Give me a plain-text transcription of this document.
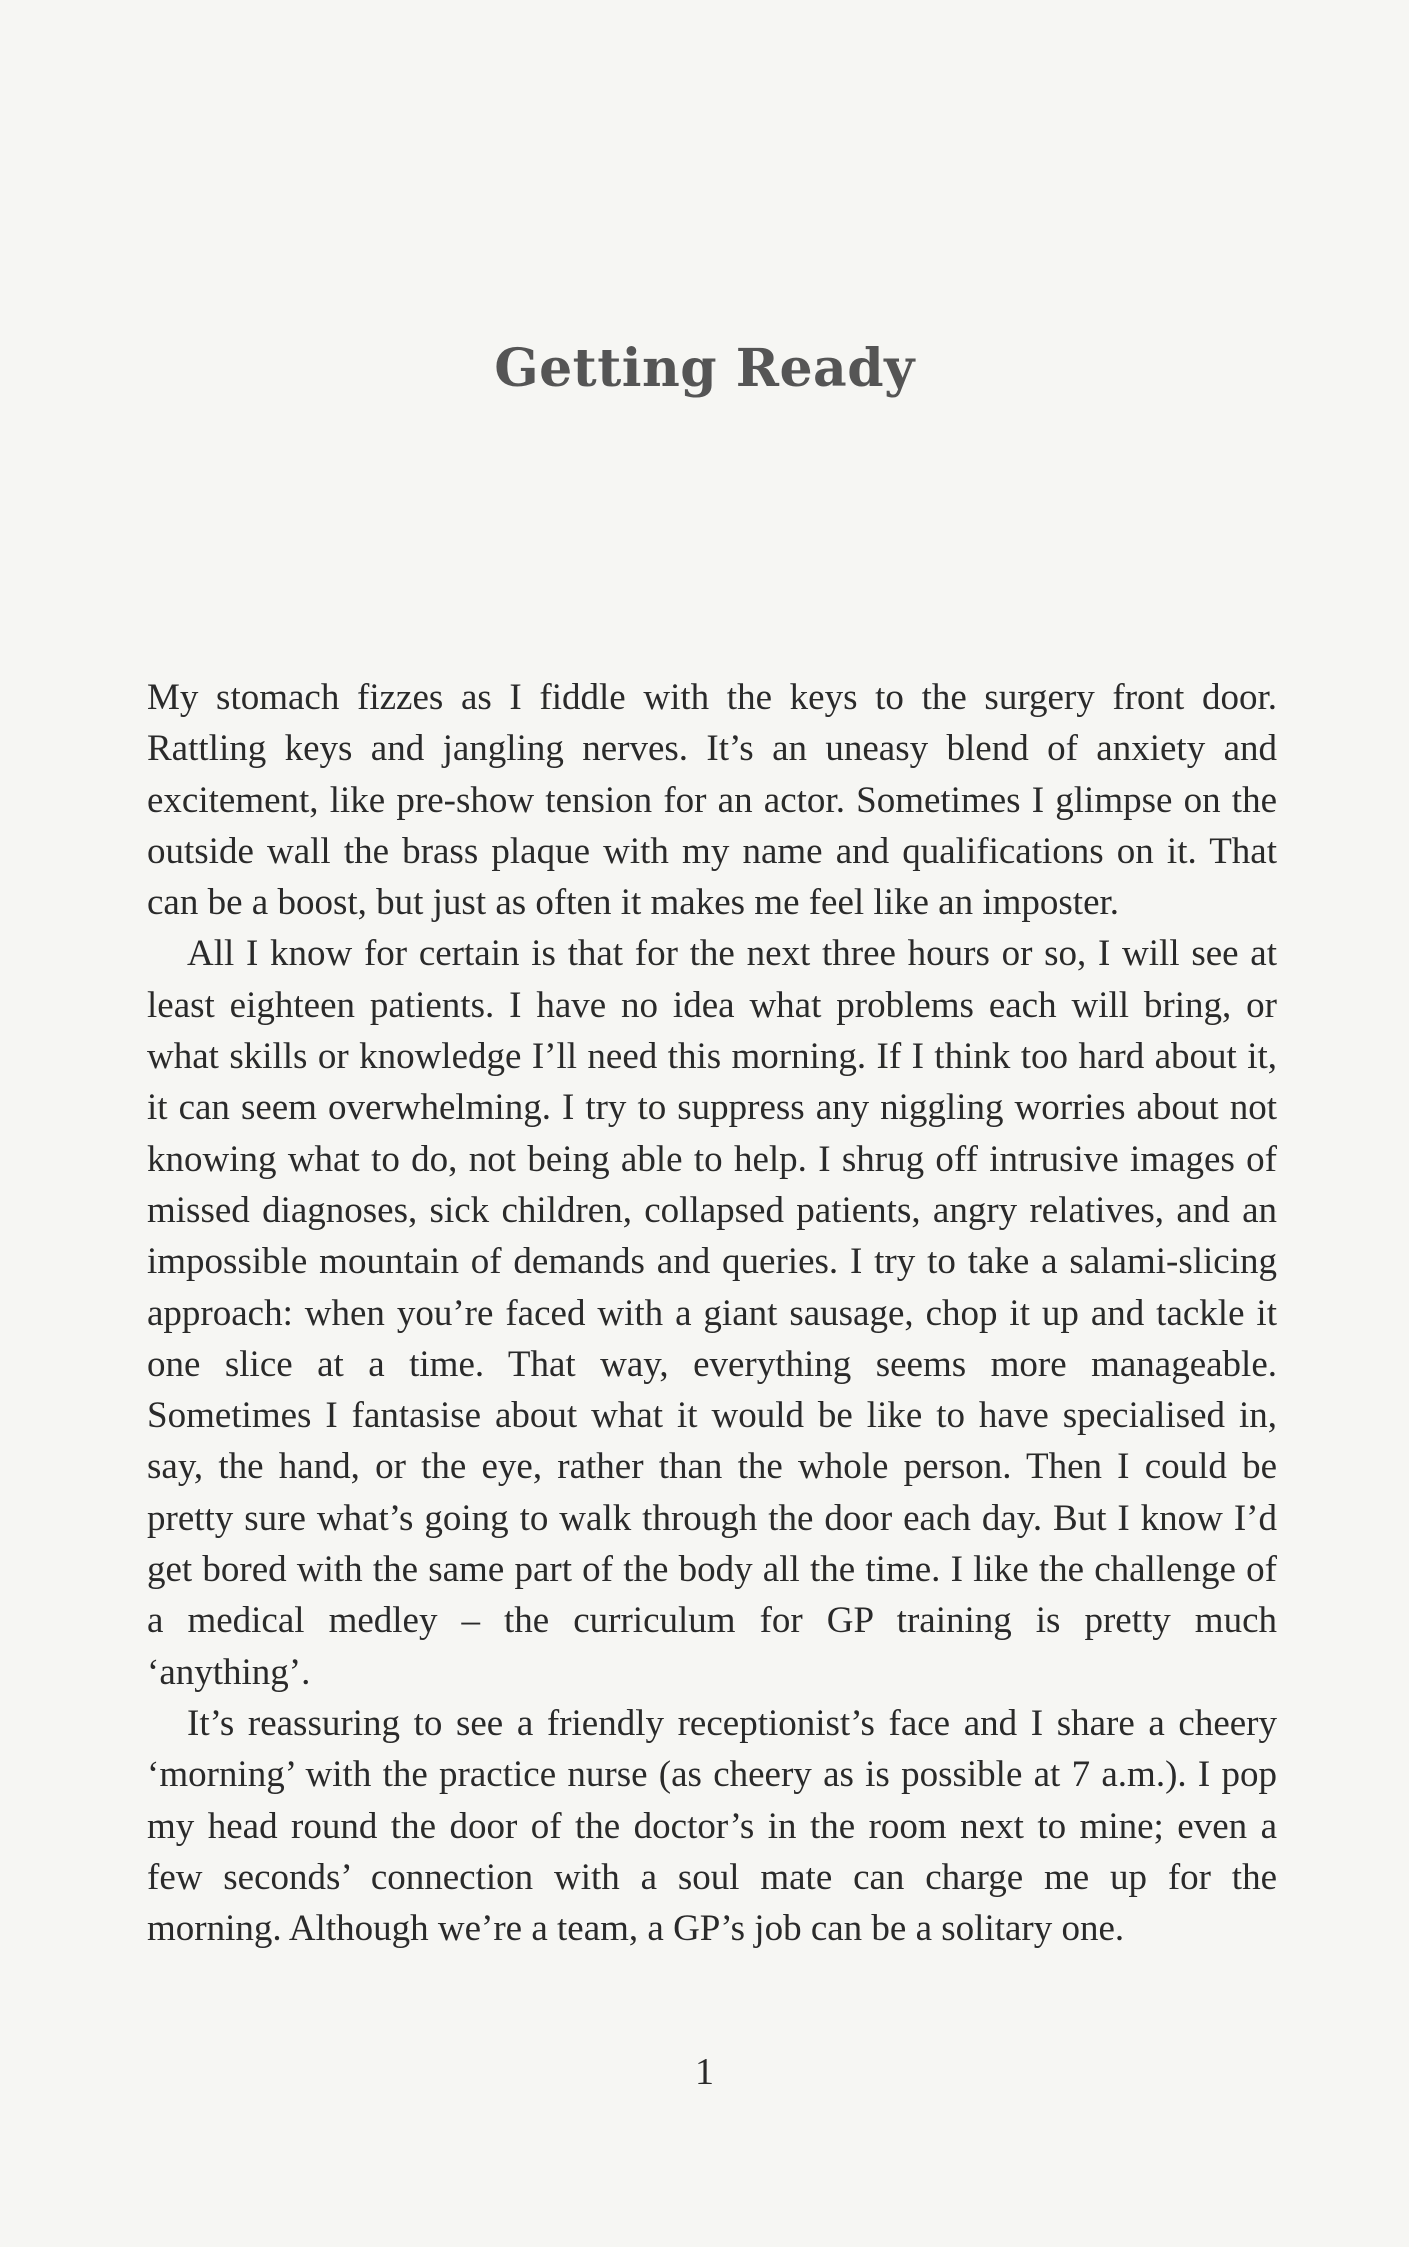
Getting Ready

My stomach fizzes as I fiddle with the keys to the surgery front door. Rattling keys and jangling nerves. It’s an uneasy blend of anxiety and excitement, like pre-show tension for an actor. Sometimes I glimpse on the outside wall the brass plaque with my name and qualifications on it. That can be a boost, but just as often it makes me feel like an imposter.

All I know for certain is that for the next three hours or so, I will see at least eighteen patients. I have no idea what problems each will bring, or what skills or knowledge I’ll need this morning. If I think too hard about it, it can seem overwhelming. I try to suppress any niggling worries about not knowing what to do, not being able to help. I shrug off intrusive images of missed diagnoses, sick children, collapsed patients, angry relatives, and an impossible mountain of demands and queries. I try to take a salami-slicing approach: when you’re faced with a giant sausage, chop it up and tackle it one slice at a time. That way, everything seems more manageable. Sometimes I fantasise about what it would be like to have specialised in, say, the hand, or the eye, rather than the whole person. Then I could be pretty sure what’s going to walk through the door each day. But I know I’d get bored with the same part of the body all the time. I like the challenge of a medical medley – the curriculum for GP training is pretty much ‘anything’.

It’s reassuring to see a friendly receptionist’s face and I share a cheery ‘morning’ with the practice nurse (as cheery as is possible at 7 a.m.). I pop my head round the door of the doctor’s in the room next to mine; even a few seconds’ connection with a soul mate can charge me up for the morning. Although we’re a team, a GP’s job can be a solitary one.

1
